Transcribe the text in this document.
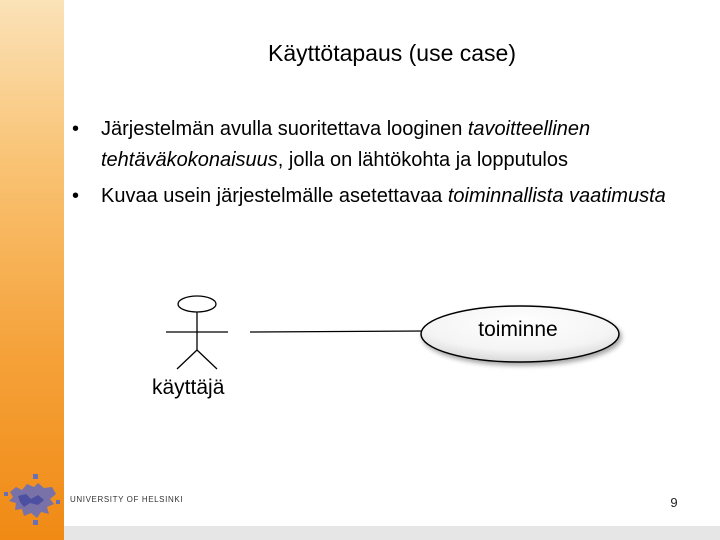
Käyttötapaus (use case)
• Järjestelmän avulla suoritettava looginen tavoitteellinen tehtäväkokonaisuus, jolla on lähtökohta ja lopputulos
• Kuvaa usein järjestelmälle asetettavaa toiminnallista vaatimusta
käyttäjä
toiminne
UNIVERSITY OF HELSINKI	9
